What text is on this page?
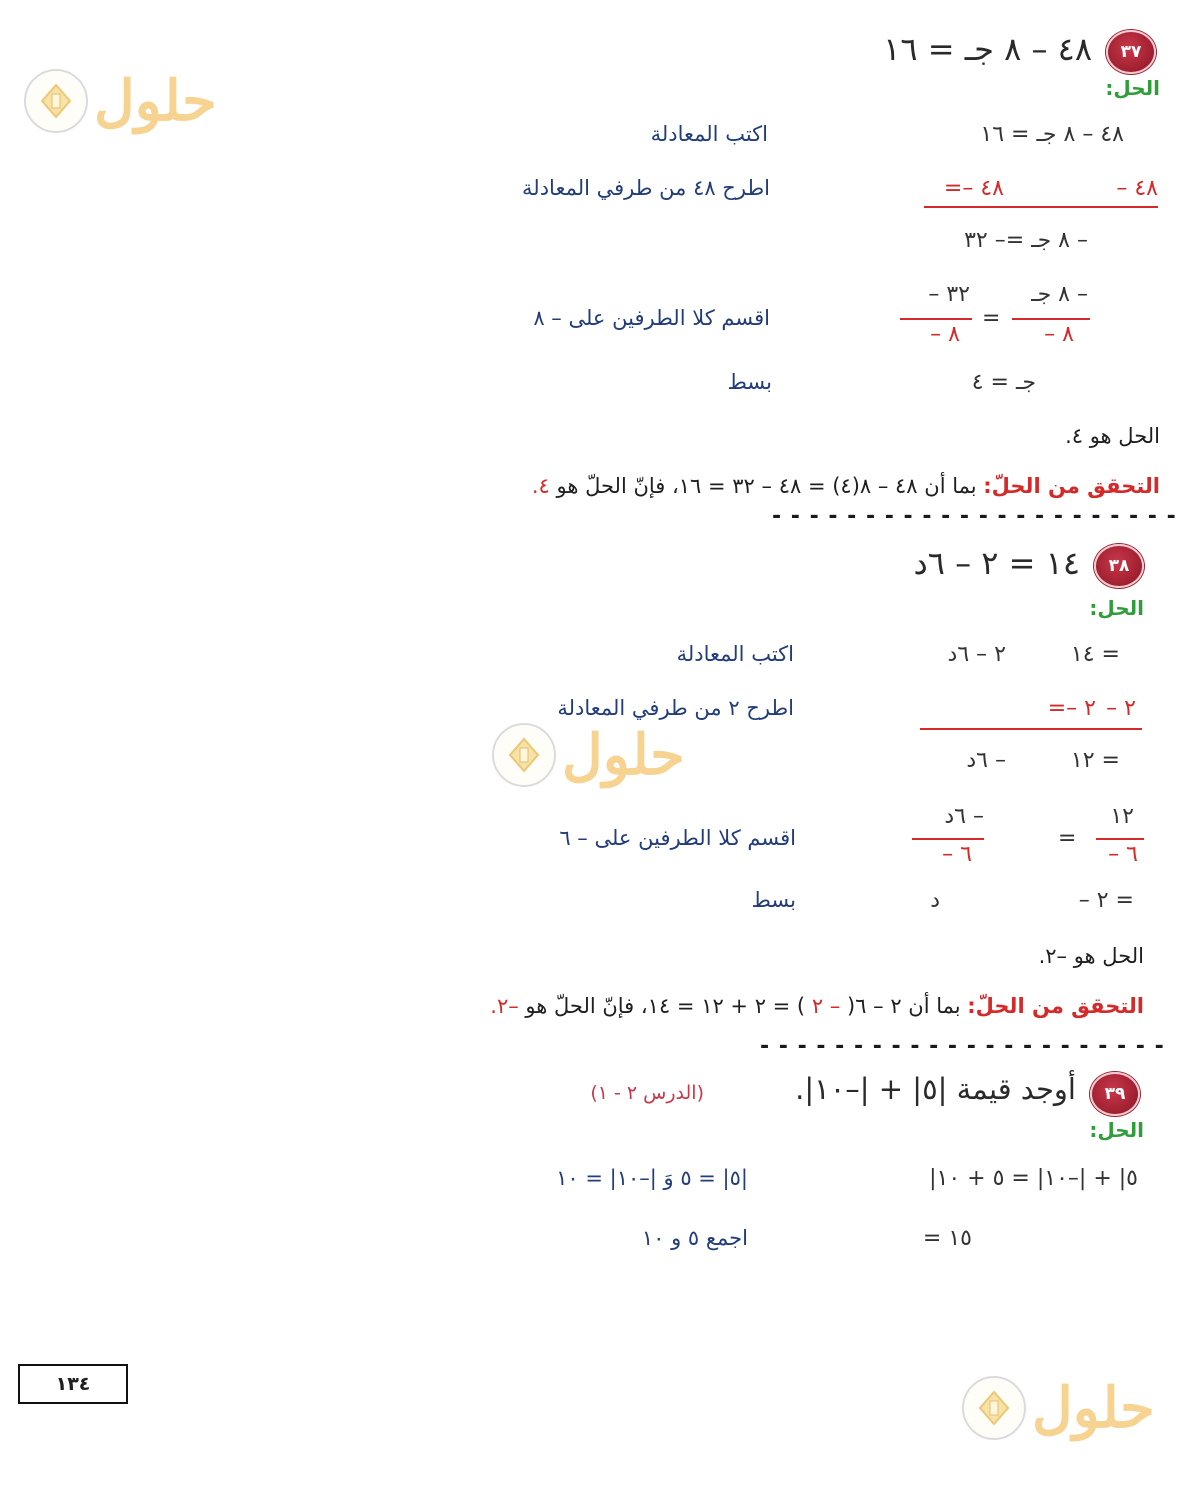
حلول
حلول
حلول
٣٧
٤٨ – ٨ جـ = ١٦
الحل:
٤٨ – ٨ جـ = ١٦
اكتب المعادلة
– ٤٨
=– ٤٨
اطرح ٤٨ من طرفي المعادلة
– ٨ جـ =– ٣٢
– ٨ جـ
– ٨
=
– ٣٢
– ٨
اقسم كلا الطرفين على – ٨
جـ = ٤
بسط
الحل هو ٤.
التحقق من الحلّ: بما أن ٤٨ – ٨(٤) = ٤٨ – ٣٢ = ١٦، فإنّ الحلّ هو ٤.
- - - - - - - - - - - - - - - - - - - - - -
٣٨
١٤ = ٢ – ٦د
الحل:
١٤ =
٢ – ٦د
اكتب المعادلة
– ٢
=– ٢
اطرح ٢ من طرفي المعادلة
١٢ =
– ٦د
١٢
– ٦
=
– ٦د
– ٦
اقسم كلا الطرفين على – ٦
– ٢ =
د
بسط
الحل هو –٢.
التحقق من الحلّ: بما أن ٢ – ٦( – ٢ ) = ٢ + ١٢ = ١٤، فإنّ الحلّ هو –٢.
- - - - - - - - - - - - - - - - - - - - - -
٣٩
أوجد قيمة |٥| + |–١٠|.
(الدرس ٢ - ١)
الحل:
|٥| + |–١٠| = ٥ + ١٠
|٥| = ٥ وَ |–١٠| = ١٠
= ١٥
اجمع ٥ و ١٠
١٣٤
